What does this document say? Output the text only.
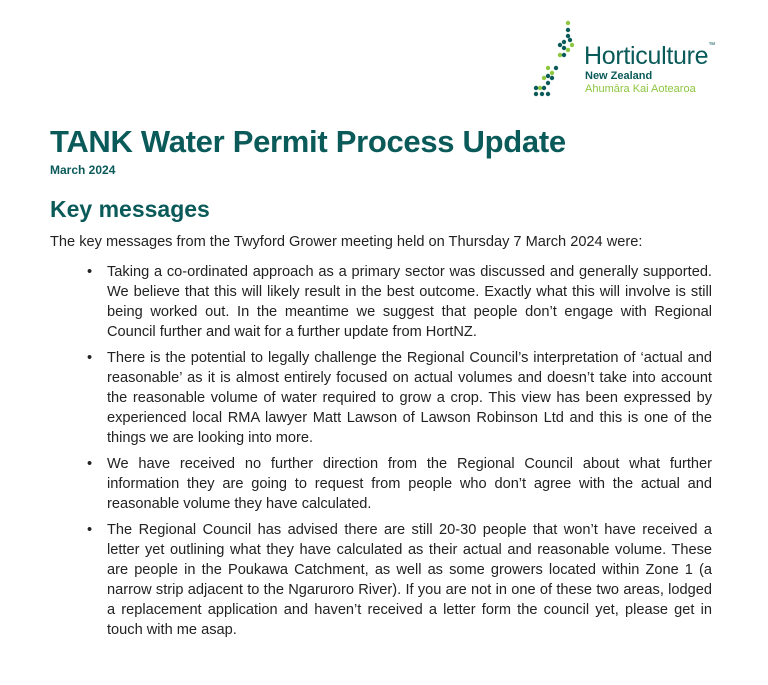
Horticulture™
New Zealand
Ahumāra Kai Aotearoa
TANK Water Permit Process Update
March 2024
Key messages
The key messages from the Twyford Grower meeting held on Thursday 7 March 2024 were:
• Taking a co-ordinated approach as a primary sector was discussed and generally supported. We believe that this will likely result in the best outcome. Exactly what this will involve is still being worked out. In the meantime we suggest that people don’t engage with Regional Council further and wait for a further update from HortNZ.
• There is the potential to legally challenge the Regional Council’s interpretation of ‘actual and reasonable’ as it is almost entirely focused on actual volumes and doesn’t take into account the reasonable volume of water required to grow a crop. This view has been expressed by experienced local RMA lawyer Matt Lawson of Lawson Robinson Ltd and this is one of the things we are looking into more.
• We have received no further direction from the Regional Council about what further information they are going to request from people who don’t agree with the actual and reasonable volume they have calculated.
• The Regional Council has advised there are still 20-30 people that won’t have received a letter yet outlining what they have calculated as their actual and reasonable volume. These are people in the Poukawa Catchment, as well as some growers located within Zone 1 (a narrow strip adjacent to the Ngaruroro River). If you are not in one of these two areas, lodged a replacement application and haven’t received a letter form the council yet, please get in touch with me asap.
